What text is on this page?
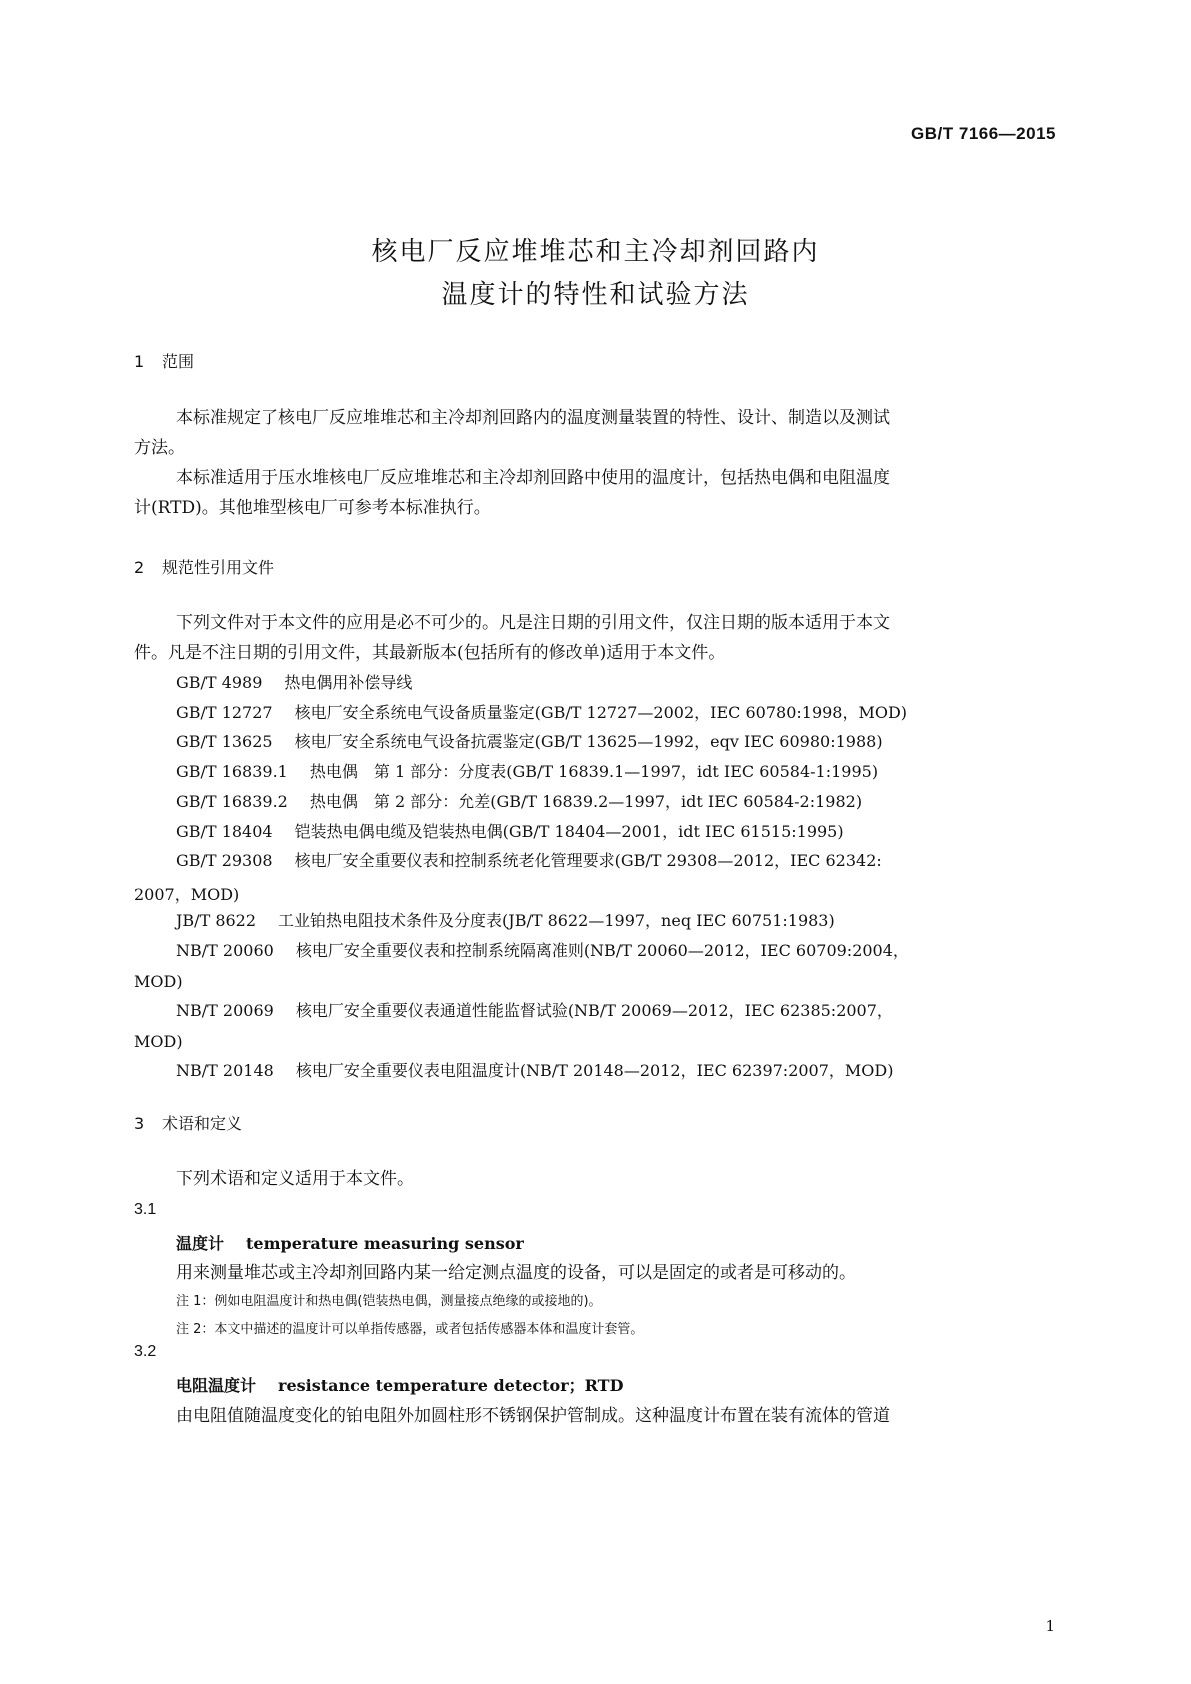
GB/T 7166—2015
核电厂反应堆堆芯和主冷却剂回路内
温度计的特性和试验方法
1 范围
本标准规定了核电厂反应堆堆芯和主冷却剂回路内的温度测量装置的特性、设计、制造以及测试
方法。
本标准适用于压水堆核电厂反应堆堆芯和主冷却剂回路中使用的温度计，包括热电偶和电阻温度
计(RTD)。其他堆型核电厂可参考本标准执行。
2 规范性引用文件
下列文件对于本文件的应用是必不可少的。凡是注日期的引用文件，仅注日期的版本适用于本文
件。凡是不注日期的引用文件，其最新版本(包括所有的修改单)适用于本文件。
GB/T 4989 热电偶用补偿导线
GB/T 12727 核电厂安全系统电气设备质量鉴定(GB/T 12727—2002，IEC 60780:1998，MOD)
GB/T 13625 核电厂安全系统电气设备抗震鉴定(GB/T 13625—1992，eqv IEC 60980:1988)
GB/T 16839.1 热电偶　第 1 部分：分度表(GB/T 16839.1—1997，idt IEC 60584-1:1995)
GB/T 16839.2 热电偶　第 2 部分：允差(GB/T 16839.2—1997，idt IEC 60584-2:1982)
GB/T 18404 铠装热电偶电缆及铠装热电偶(GB/T 18404—2001，idt IEC 61515:1995)
GB/T 29308 核电厂安全重要仪表和控制系统老化管理要求(GB/T 29308—2012，IEC 62342:
2007，MOD)
JB/T 8622 工业铂热电阻技术条件及分度表(JB/T 8622—1997，neq IEC 60751:1983)
NB/T 20060 核电厂安全重要仪表和控制系统隔离准则(NB/T 20060—2012，IEC 60709:2004，
MOD)
NB/T 20069 核电厂安全重要仪表通道性能监督试验(NB/T 20069—2012，IEC 62385:2007，
MOD)
NB/T 20148 核电厂安全重要仪表电阻温度计(NB/T 20148—2012，IEC 62397:2007，MOD)
3 术语和定义
下列术语和定义适用于本文件。
3.1
温度计 temperature measuring sensor
用来测量堆芯或主冷却剂回路内某一给定测点温度的设备，可以是固定的或者是可移动的。
注 1：例如电阻温度计和热电偶(铠装热电偶，测量接点绝缘的或接地的)。
注 2：本文中描述的温度计可以单指传感器，或者包括传感器本体和温度计套管。
3.2
电阻温度计 resistance temperature detector；RTD
由电阻值随温度变化的铂电阻外加圆柱形不锈钢保护管制成。这种温度计布置在装有流体的管道
1
